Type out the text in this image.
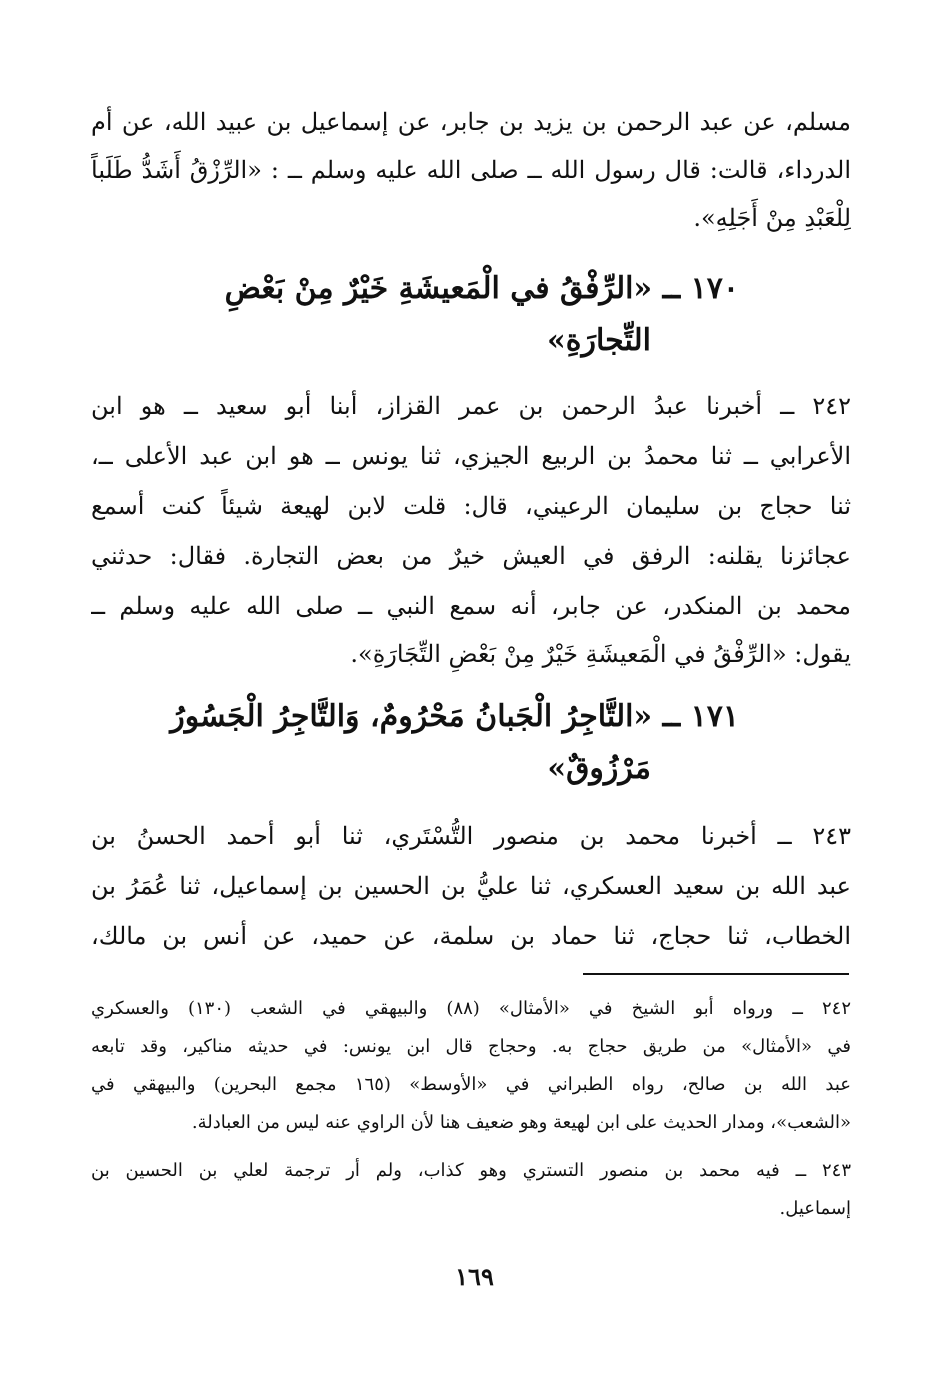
مسلم، عن عبد الرحمن بن يزيد بن جابر، عن إسماعيل بن عبيد الله، عن أم
الدرداء، قالت: قال رسول الله ــ صلى الله عليه وسلم ــ : «الرِّزْقُ أَشَدُّ طَلَباً
لِلْعَبْدِ مِنْ أَجَلِهِ».
١٧٠ ــ «الرِّفْقُ في الْمَعيشَةِ خَيْرٌ مِنْ بَعْضِ
التِّجارَةِ»
٢٤٢ ــ أخبرنا عبدُ الرحمن بن عمر القزاز، أبنا أبو سعيد ــ هو ابن
الأعرابي ــ ثنا محمدُ بن الربيع الجيزي، ثنا يونس ــ هو ابن عبد الأعلى ــ،
ثنا حجاج بن سليمان الرعيني، قال: قلت لابن لهيعة شيئاً كنت أسمع
عجائزنا يقلنه: الرفق في العيش خيرٌ من بعض التجارة. فقال: حدثني
محمد بن المنكدر، عن جابر، أنه سمع النبي ــ صلى الله عليه وسلم ــ
يقول: «الرِّفْقُ في الْمَعيشَةِ خَيْرٌ مِنْ بَعْضِ التِّجَارَةِ».
١٧١ ــ «التَّاجِرُ الْجَبانُ مَحْرُومٌ، وَالتَّاجِرُ الْجَسُورُ
مَرْزُوقٌ»
٢٤٣ ــ أخبرنا محمد بن منصور التُّسْتَري، ثنا أبو أحمد الحسنُ بن
عبد الله بن سعيد العسكري، ثنا عليُّ بن الحسين بن إسماعيل، ثنا عُمَرُ بن
الخطاب، ثنا حجاج، ثنا حماد بن سلمة، عن حميد، عن أنس بن مالك،
٢٤٢ ــ ورواه أبو الشيخ في «الأمثال» (٨٨) والبيهقي في الشعب (١٣٠) والعسكري
في «الأمثال» من طريق حجاج به. وحجاج قال ابن يونس: في حديثه مناكير، وقد تابعه
عبد الله بن صالح، رواه الطبراني في «الأوسط» (١٦٥ مجمع البحرين) والبيهقي في
«الشعب»، ومدار الحديث على ابن لهيعة وهو ضعيف هنا لأن الراوي عنه ليس من العبادلة.
٢٤٣ ــ فيه محمد بن منصور التستري وهو كذاب، ولم أر ترجمة لعلي بن الحسين بن
إسماعيل.
١٦٩
